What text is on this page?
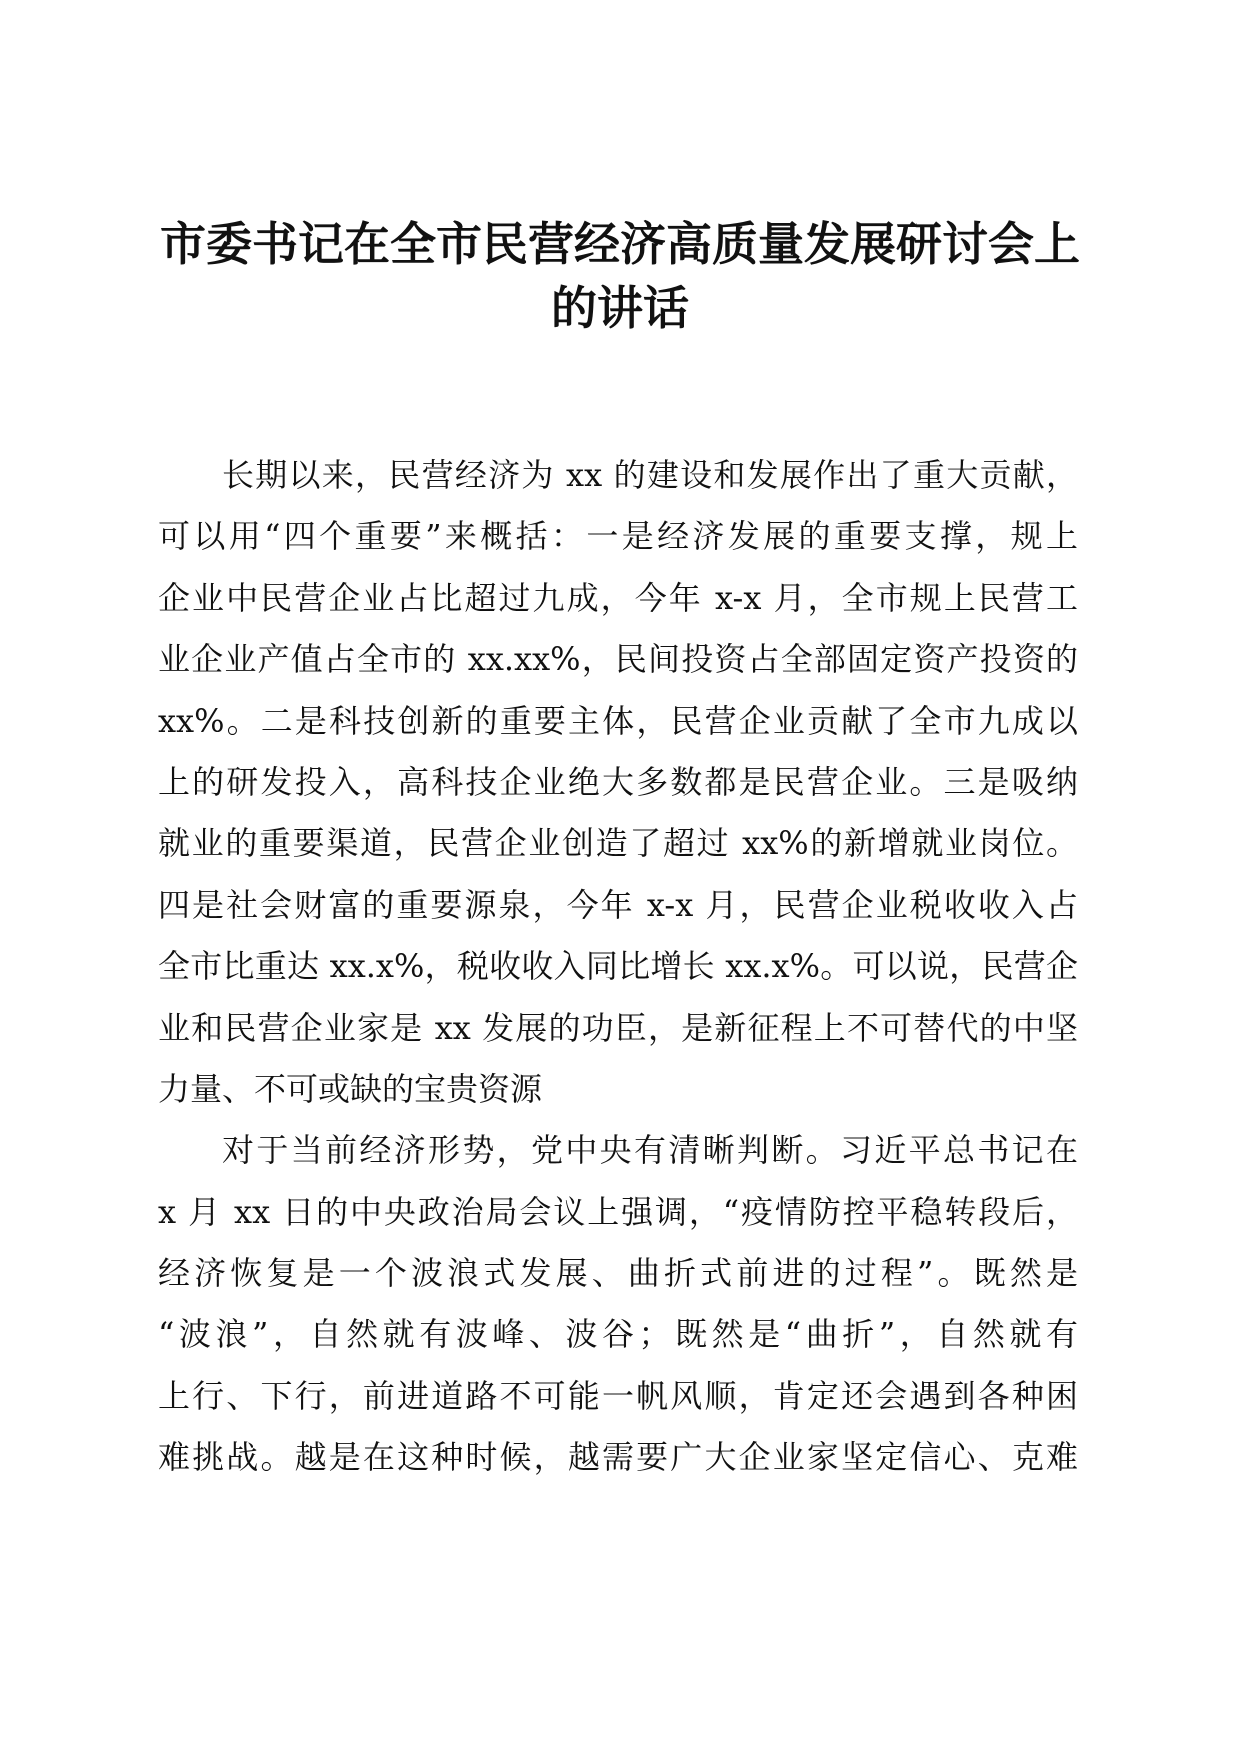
市委书记在全市民营经济高质量发展研讨会上
的讲话
长期以来，民营经济为 xx 的建设和发展作出了重大贡献，
可以用“四个重要”来概括：一是经济发展的重要支撑，规上
企业中民营企业占比超过九成，今年 x-x 月，全市规上民营工
业企业产值占全市的 xx.xx%，民间投资占全部固定资产投资的
xx%。二是科技创新的重要主体，民营企业贡献了全市九成以
上的研发投入，高科技企业绝大多数都是民营企业。三是吸纳
就业的重要渠道，民营企业创造了超过 xx%的新增就业岗位。
四是社会财富的重要源泉，今年 x-x 月，民营企业税收收入占
全市比重达 xx.x%，税收收入同比增长 xx.x%。可以说，民营企
业和民营企业家是 xx 发展的功臣，是新征程上不可替代的中坚
力量、不可或缺的宝贵资源
对于当前经济形势，党中央有清晰判断。习近平总书记在
x 月 xx 日的中央政治局会议上强调，“疫情防控平稳转段后，
经济恢复是一个波浪式发展、曲折式前进的过程”。既然是
“波浪”，自然就有波峰、波谷；既然是“曲折”，自然就有
上行、下行，前进道路不可能一帆风顺，肯定还会遇到各种困
难挑战。越是在这种时候，越需要广大企业家坚定信心、克难
